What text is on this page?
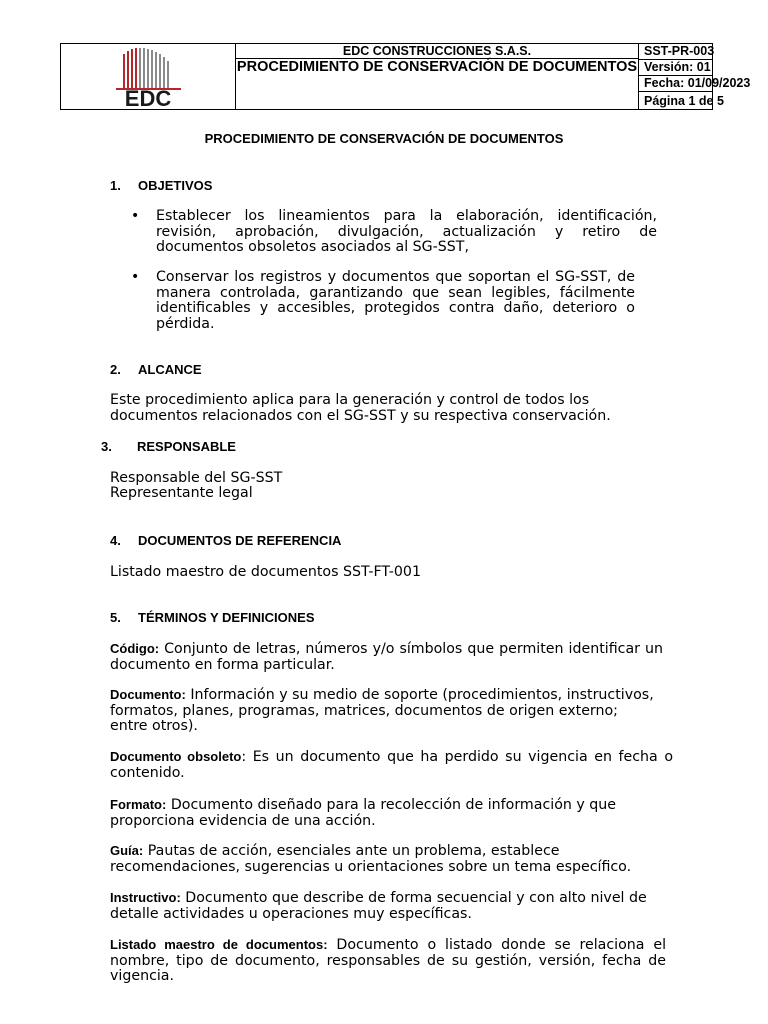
EDC
EDC CONSTRUCCIONES S.A.S.
PROCEDIMIENTO DE CONSERVACIÓN DE DOCUMENTOS
SST-PR-003
Versión: 01
Fecha: 01/09/2023
Página 1 de 5
PROCEDIMIENTO DE CONSERVACIÓN DE DOCUMENTOS
1. OBJETIVOS
• Establecer los lineamientos para la elaboración, identificación, revisión, aprobación, divulgación, actualización y retiro de documentos obsoletos asociados al SG-SST,
• Conservar los registros y documentos que soportan el SG-SST, de manera controlada, garantizando que sean legibles, fácilmente identificables y accesibles, protegidos contra daño, deterioro o pérdida.
2. ALCANCE
Este procedimiento aplica para la generación y control de todos los documentos relacionados con el SG-SST y su respectiva conservación.
3. RESPONSABLE
Responsable del SG-SST
Representante legal
4. DOCUMENTOS DE REFERENCIA
Listado maestro de documentos SST-FT-001
5. TÉRMINOS Y DEFINICIONES
Código: Conjunto de letras, números y/o símbolos que permiten identificar un documento en forma particular.
Documento: Información y su medio de soporte (procedimientos, instructivos, formatos, planes, programas, matrices, documentos de origen externo; entre otros).
Documento obsoleto: Es un documento que ha perdido su vigencia en fecha o contenido.
Formato: Documento diseñado para la recolección de información y que proporciona evidencia de una acción.
Guía: Pautas de acción, esenciales ante un problema, establece recomendaciones, sugerencias u orientaciones sobre un tema específico.
Instructivo: Documento que describe de forma secuencial y con alto nivel de detalle actividades u operaciones muy específicas.
Listado maestro de documentos: Documento o listado donde se relaciona el nombre, tipo de documento, responsables de su gestión, versión, fecha de vigencia.
